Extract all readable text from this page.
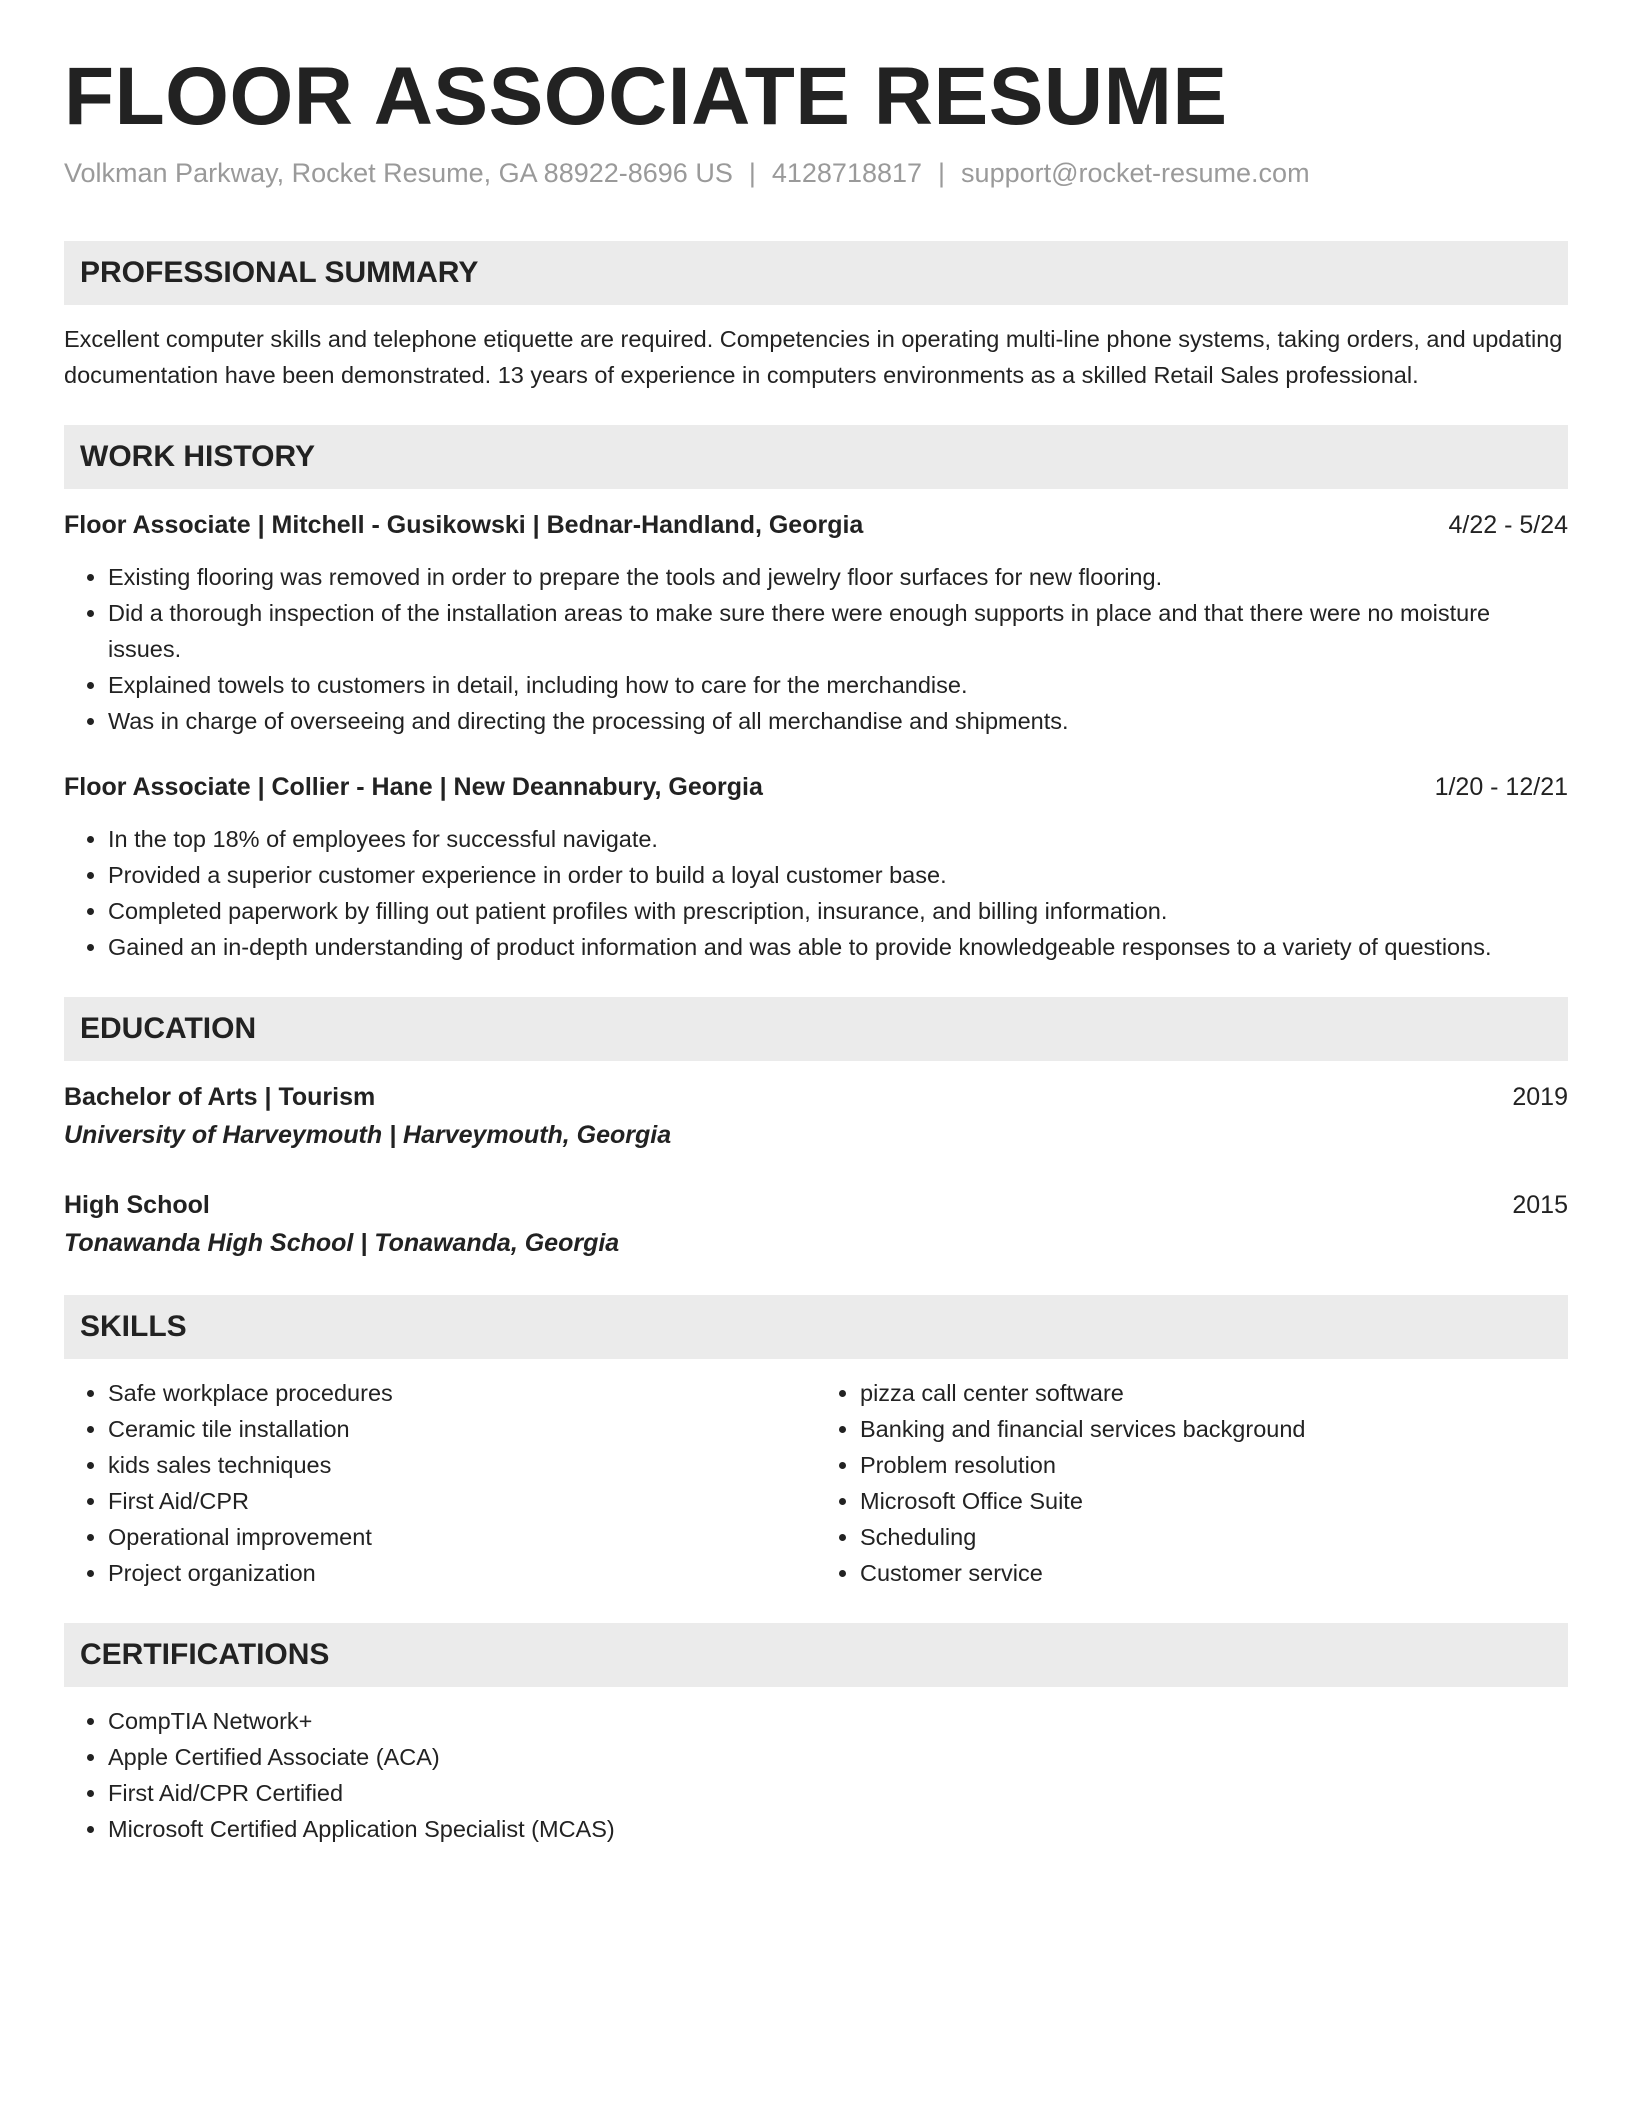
FLOOR ASSOCIATE RESUME
Volkman Parkway, Rocket Resume, GA 88922-8696 US | 4128718817 | support@rocket-resume.com
PROFESSIONAL SUMMARY

Excellent computer skills and telephone etiquette are required. Competencies in operating multi-line phone systems, taking orders, and updating documentation have been demonstrated. 13 years of experience in computers environments as a skilled Retail Sales professional.

WORK HISTORY
Floor Associate | Mitchell - Gusikowski | Bednar-Handland, Georgia	4/22 - 5/24
• Existing flooring was removed in order to prepare the tools and jewelry floor surfaces for new flooring.
• Did a thorough inspection of the installation areas to make sure there were enough supports in place and that there were no moisture issues.
• Explained towels to customers in detail, including how to care for the merchandise.
• Was in charge of overseeing and directing the processing of all merchandise and shipments.
Floor Associate | Collier - Hane | New Deannabury, Georgia	1/20 - 12/21
• In the top 18% of employees for successful navigate.
• Provided a superior customer experience in order to build a loyal customer base.
• Completed paperwork by filling out patient profiles with prescription, insurance, and billing information.
• Gained an in-depth understanding of product information and was able to provide knowledgeable responses to a variety of questions.
EDUCATION
Bachelor of Arts | Tourism	2019
University of Harveymouth | Harveymouth, Georgia
High School	2015
Tonawanda High School | Tonawanda, Georgia
SKILLS
• Safe workplace procedures
• Ceramic tile installation
• kids sales techniques
• First Aid/CPR
• Operational improvement
• Project organization
• pizza call center software
• Banking and financial services background
• Problem resolution
• Microsoft Office Suite
• Scheduling
• Customer service
CERTIFICATIONS
• CompTIA Network+
• Apple Certified Associate (ACA)
• First Aid/CPR Certified
• Microsoft Certified Application Specialist (MCAS)
